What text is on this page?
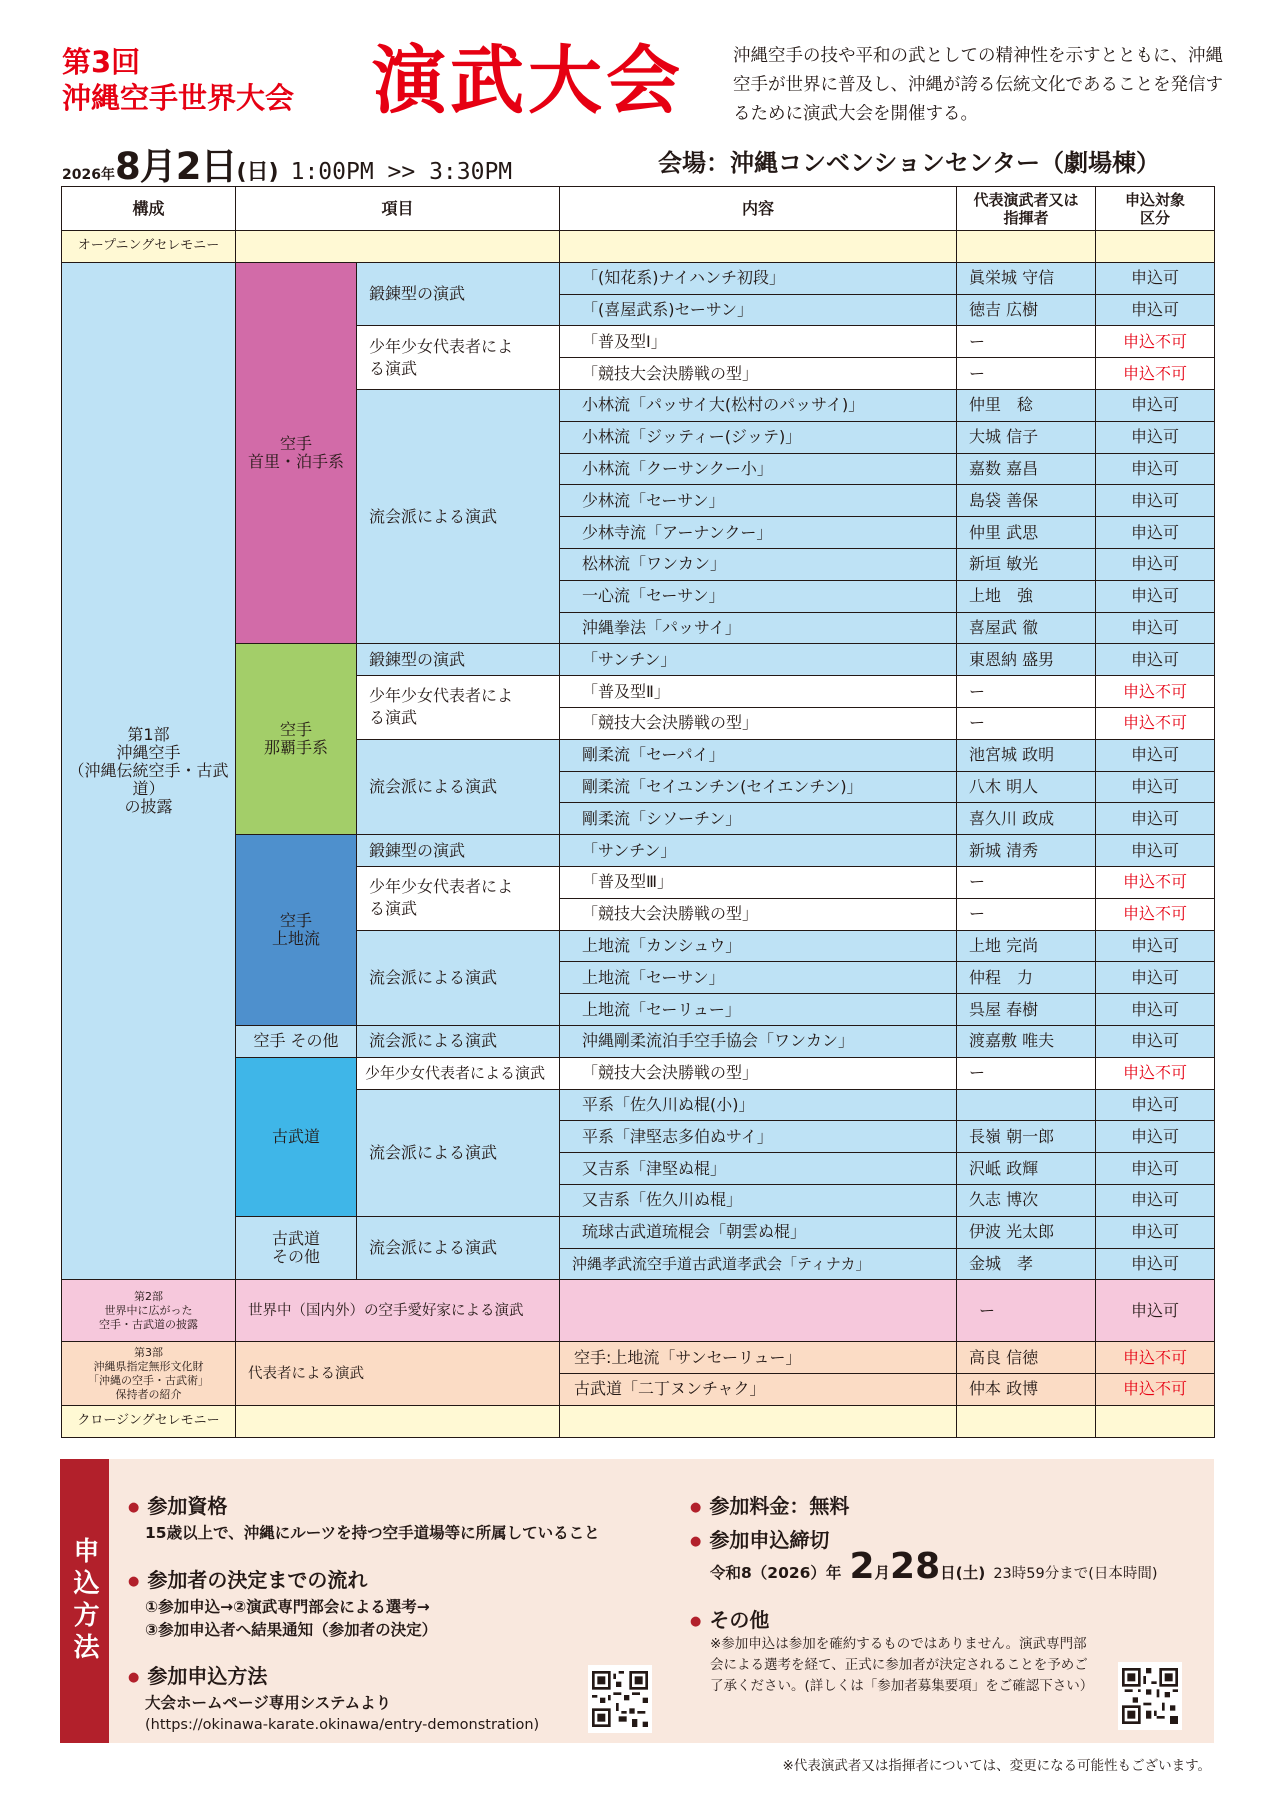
第3回
沖縄空手世界大会 演武大会	沖縄空手の技や平和の武としての精神性を示すとともに、沖縄空手が世界に普及し、沖縄が誇る伝統文化であることを発信するために演武大会を開催する。
2026年 8月2日 (日) 1:00PM >> 3:30PM	会場：沖縄コンベンションセンター（劇場棟）
構成	項目		内容	代表演武者又は指揮者	申込対象区分
オープニングセレモニー					
第1部
沖縄空手
（沖縄伝統空手・古武道）
の披露	空手
首里・泊手系	鍛錬型の演武	「(知花系)ナイハンチ初段」	眞栄城 守信	申込可
			「(喜屋武系)セーサン」	徳吉 広樹	申込可
		少年少女代表者による演武	「普及型Ⅰ」	ー	申込不可
			「競技大会決勝戦の型」	ー	申込不可
		流会派による演武	小林流「パッサイ大(松村のパッサイ)」	仲里　稔	申込可
			小林流「ジッティー(ジッテ)」	大城 信子	申込可
			小林流「クーサンクー小」	嘉数 嘉昌	申込可
			少林流「セーサン」	島袋 善保	申込可
			少林寺流「アーナンクー」	仲里 武思	申込可
			松林流「ワンカン」	新垣 敏光	申込可
			一心流「セーサン」	上地　強	申込可
			沖縄拳法「パッサイ」	喜屋武 徹	申込可
	空手
那覇手系	鍛錬型の演武	「サンチン」	東恩納 盛男	申込可
		少年少女代表者による演武	「普及型Ⅱ」	ー	申込不可
			「競技大会決勝戦の型」	ー	申込不可
		流会派による演武	剛柔流「セーパイ」	池宮城 政明	申込可
			剛柔流「セイユンチン(セイエンチン)」	八木 明人	申込可
			剛柔流「シソーチン」	喜久川 政成	申込可
	空手
上地流	鍛錬型の演武	「サンチン」	新城 清秀	申込可
		少年少女代表者による演武	「普及型Ⅲ」	ー	申込不可
			「競技大会決勝戦の型」	ー	申込不可
		流会派による演武	上地流「カンシュウ」	上地 完尚	申込可
			上地流「セーサン」	仲程　力	申込可
			上地流「セーリュー」	呉屋 春樹	申込可
	空手 その他	流会派による演武	沖縄剛柔流泊手空手協会「ワンカン」	渡嘉敷 唯夫	申込可
	古武道	少年少女代表者による演武	「競技大会決勝戦の型」	ー	申込不可
		流会派による演武	平系「佐久川ぬ棍(小)」		申込可
			平系「津堅志多伯ぬサイ」	長嶺 朝一郎	申込可
			又吉系「津堅ぬ棍」	沢岻 政輝	申込可
			又吉系「佐久川ぬ棍」	久志 博次	申込可
	古武道
その他	流会派による演武	琉球古武道琉棍会「朝雲ぬ棍」	伊波 光太郎	申込可
			沖縄孝武流空手道古武道孝武会「ティナカ」	金城　孝	申込可
第2部
世界中に広がった
空手・古武道の披露	世界中（国内外）の空手愛好家による演武			ー	申込可
第3部
沖縄県指定無形文化財
「沖縄の空手・古武術」
保持者の紹介	代表者による演武		空手:上地流「サンセーリュー」	高良 信徳	申込不可
			古武道「二丁ヌンチャク」	仲本 政博	申込不可
クロージングセレモニー					
申込方法
● 参加資格
15歳以上で、沖縄にルーツを持つ空手道場等に所属していること
● 参加者の決定までの流れ
①参加申込→②演武専門部会による選考→
③参加申込者へ結果通知（参加者の決定）
● 参加申込方法
大会ホームページ専用システムより
(https://okinawa-karate.okinawa/entry-demonstration)
● 参加料金：無料
● 参加申込締切
令和8（2026）年 2 月 28 日 (土) 23時59分まで(日本時間)
● その他
※参加申込は参加を確約するものではありません。演武専門部会による選考を経て、正式に参加者が決定されることを予めご了承ください。(詳しくは「参加者募集要項」をご確認下さい）
※代表演武者又は指揮者については、変更になる可能性もございます。
